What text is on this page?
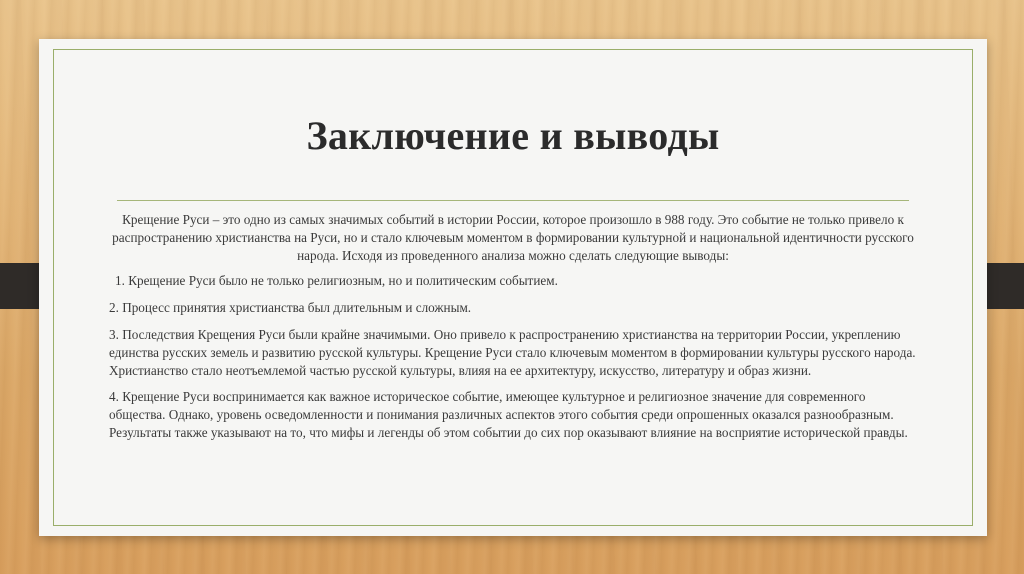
Заключение и выводы

Крещение Руси – это одно из самых значимых событий в истории России, которое произошло в 988 году. Это событие не только привело к распространению христианства на Руси, но и стало ключевым моментом в формировании культурной и национальной идентичности русского народа. Исходя из проведенного анализа можно сделать следующие выводы:

1. Крещение Руси было не только религиозным, но и политическим событием.

2. Процесс принятия христианства был длительным и сложным.

3. Последствия Крещения Руси были крайне значимыми. Оно привело к распространению христианства на территории России, укреплению единства русских земель и развитию русской культуры. Крещение Руси стало ключевым моментом в формировании культуры русского народа. Христианство стало неотъемлемой частью русской культуры, влияя на ее архитектуру, искусство, литературу и образ жизни.

4. Крещение Руси воспринимается как важное историческое событие, имеющее культурное и религиозное значение для современного общества. Однако, уровень осведомленности и понимания различных аспектов этого события среди опрошенных оказался разнообразным. Результаты также указывают на то, что мифы и легенды об этом событии до сих пор оказывают влияние на восприятие исторической правды.
